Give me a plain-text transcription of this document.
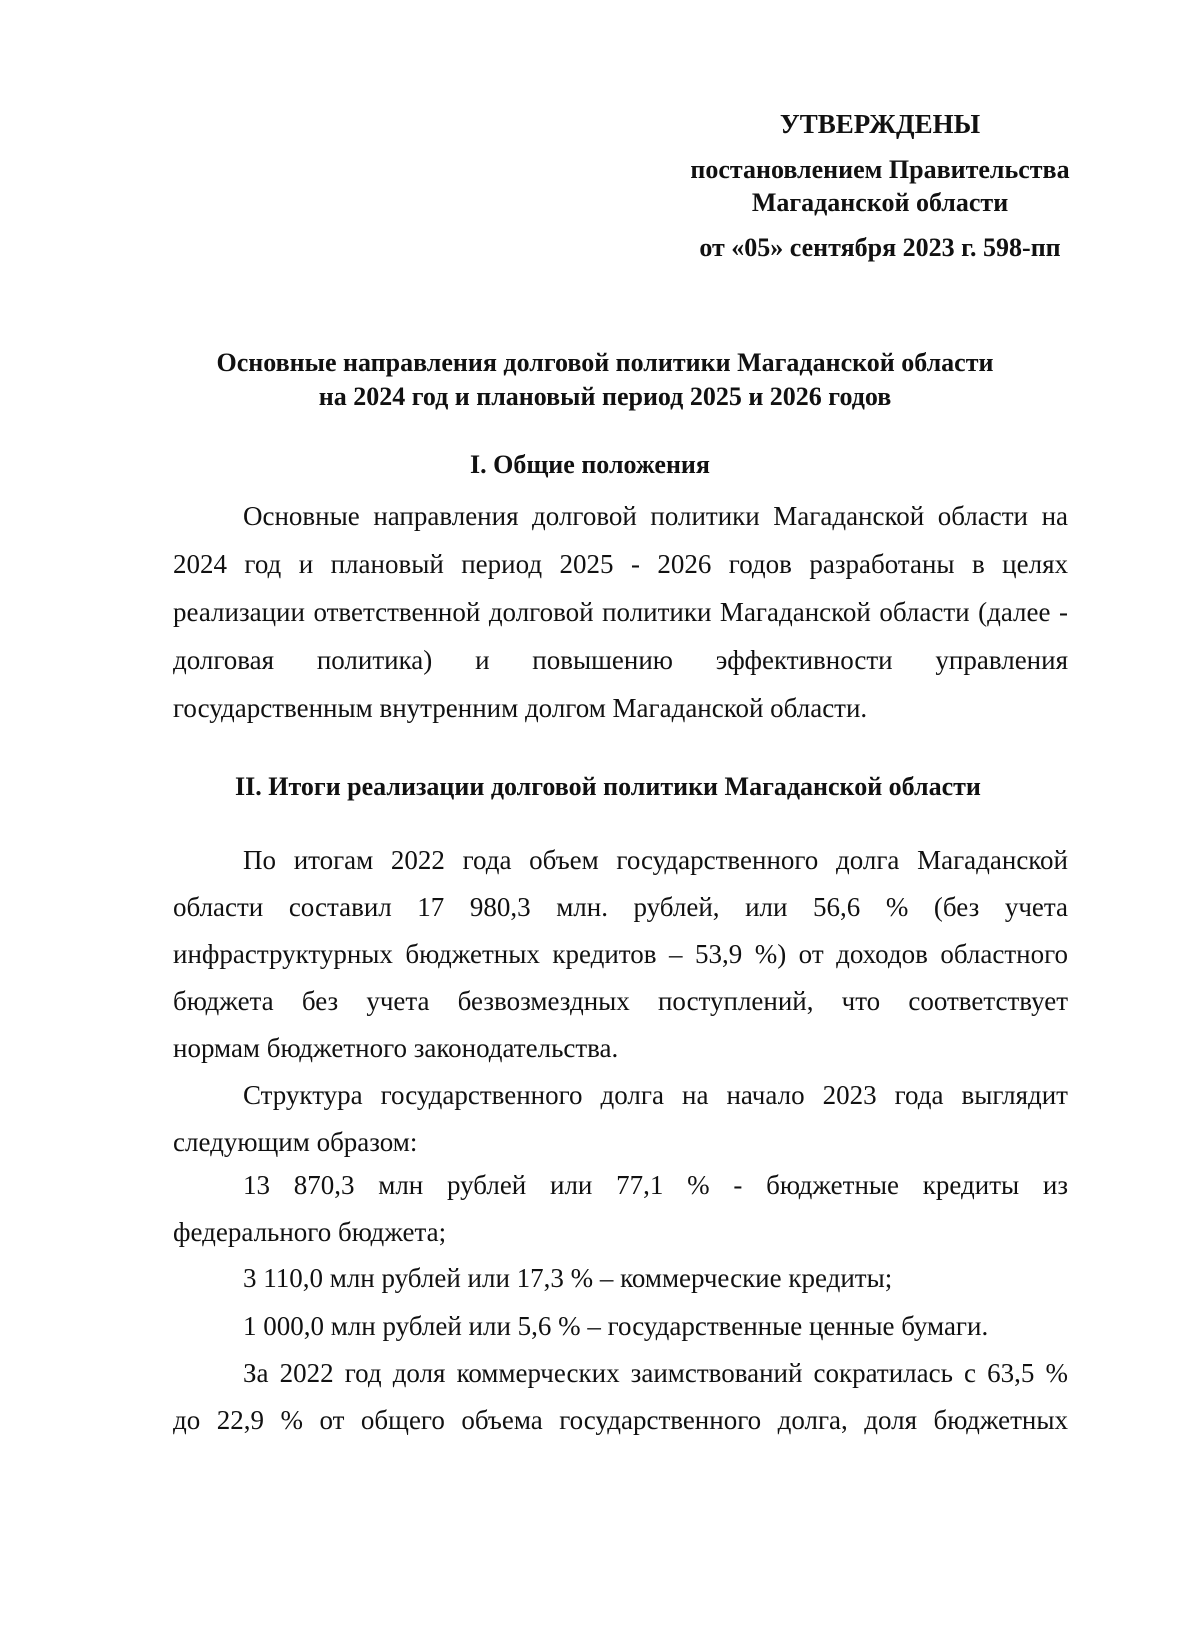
УТВЕРЖДЕНЫ
постановлением Правительства
Магаданской области
от «05» сентября 2023 г. 598-пп
Основные направления долговой политики Магаданской области
на 2024 год и плановый период 2025 и 2026 годов
I. Общие положения
Основные направления долговой политики Магаданской области на 2024 год и плановый период 2025 - 2026 годов разработаны в целях реализации ответственной долговой политики Магаданской области (далее - долговая политика) и повышению эффективности управления государственным внутренним долгом Магаданской области.
II. Итоги реализации долговой политики Магаданской области
По итогам 2022 года объем государственного долга Магаданской
области составил 17 980,3 млн. рублей, или 56,6 % (без учета
инфраструктурных бюджетных кредитов – 53,9 %) от доходов областного
бюджета без учета безвозмездных поступлений, что соответствует
нормам бюджетного законодательства.
Структура государственного долга на начало 2023 года выглядит
следующим образом:
13 870,3 млн рублей или 77,1 % - бюджетные кредиты из
федерального бюджета;
3 110,0 млн рублей или 17,3 % – коммерческие кредиты;
1 000,0 млн рублей или 5,6 % – государственные ценные бумаги.
За 2022 год доля коммерческих заимствований сократилась с 63,5 %
до 22,9 % от общего объема государственного долга, доля бюджетных
